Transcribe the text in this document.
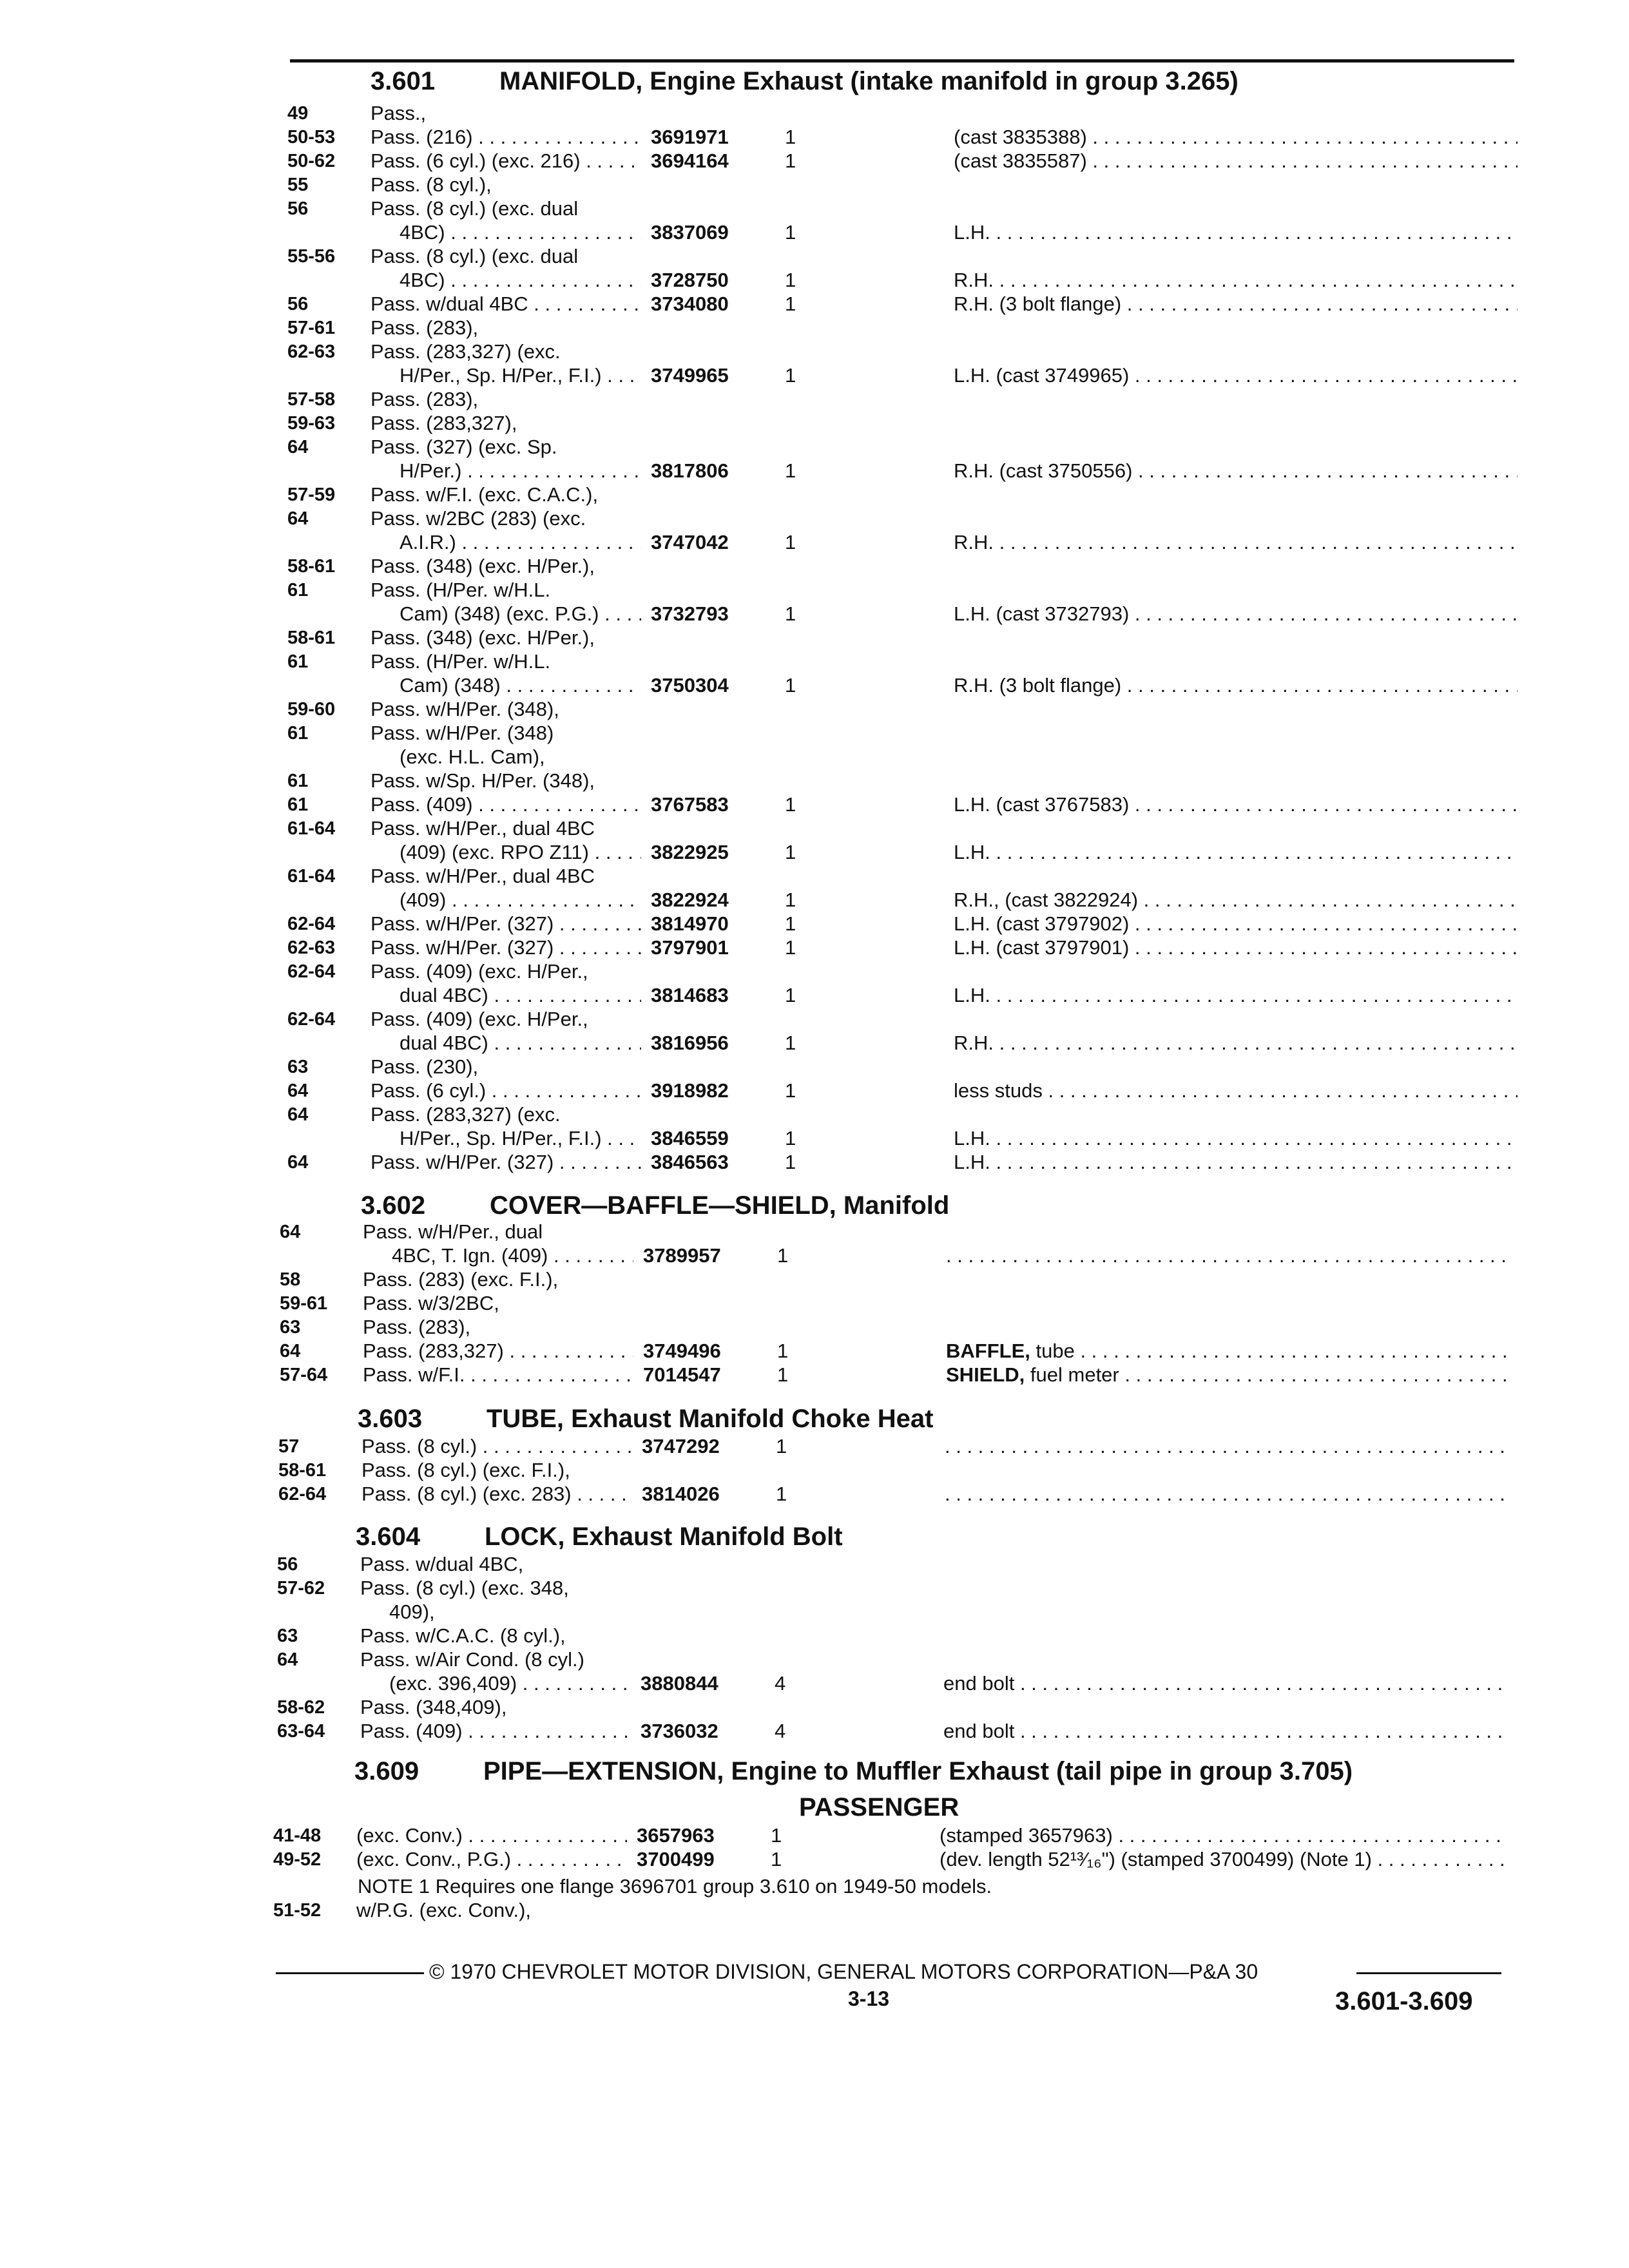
3.601 MANIFOLD, Engine Exhaust (intake manifold in group 3.265)
3.602 COVER—BAFFLE—SHIELD, Manifold
3.603 TUBE, Exhaust Manifold Choke Heat
3.604 LOCK, Exhaust Manifold Bolt
3.609 PIPE—EXTENSION, Engine to Muffler Exhaust (tail pipe in group 3.705)
PASSENGER
49	Pass.,
50-53 Pass. (216) . . .	3691971	1	(cast 3835388) . . .
50-62 Pass. (6 cyl.) (exc. 216) . . .	3694164	1	(cast 3835587) . . .
55	Pass. (8 cyl.),
56	Pass. (8 cyl.) (exc. dual
4BC) . . .	3837069	1	L.H. . . .
55-56 Pass. (8 cyl.) (exc. dual
4BC) . . .	3728750	1	R.H. . . .
56	Pass. w/dual 4BC . . .	3734080	1	R.H. (3 bolt flange) . . .
57-61 Pass. (283),
62-63 Pass. (283,327) (exc.
H/Per., Sp. H/Per., F.I.) . . .	3749965	1	L.H. (cast 3749965) . . .
57-58 Pass. (283),
59-63 Pass. (283,327),
64	Pass. (327) (exc. Sp.
H/Per.) . . .	3817806	1	R.H. (cast 3750556) . . .
57-59 Pass. w/F.I. (exc. C.A.C.),
64	Pass. w/2BC (283) (exc.
A.I.R.) . . .	3747042	1	R.H. . . .
58-61 Pass. (348) (exc. H/Per.),
61	Pass. (H/Per. w/H.L.
Cam) (348) (exc. P.G.) . . .	3732793	1	L.H. (cast 3732793) . . .
58-61 Pass. (348) (exc. H/Per.),
61	Pass. (H/Per. w/H.L.
Cam) (348) . . .	3750304	1	R.H. (3 bolt flange) . . .
59-60 Pass. w/H/Per. (348),
61	Pass. w/H/Per. (348)
(exc. H.L. Cam),
61	Pass. w/Sp. H/Per. (348),
61	Pass. (409) . . .	3767583	1	L.H. (cast 3767583) . . .
61-64 Pass. w/H/Per., dual 4BC
(409) (exc. RPO Z11) . . .	3822925	1	L.H. . . .
61-64 Pass. w/H/Per., dual 4BC
(409) . . .	3822924	1	R.H., (cast 3822924) . . .
62-64 Pass. w/H/Per. (327) . . .	3814970	1	L.H. (cast 3797902) . . .
62-63 Pass. w/H/Per. (327) . . .	3797901	1	L.H. (cast 3797901) . . .
62-64 Pass. (409) (exc. H/Per.,
dual 4BC) . . .	3814683	1	L.H. . . .
62-64 Pass. (409) (exc. H/Per.,
dual 4BC) . . .	3816956	1	R.H. . . .
63	Pass. (230),
64	Pass. (6 cyl.) . . .	3918982	1	less studs . . .
64	Pass. (283,327) (exc.
H/Per., Sp. H/Per., F.I.) . . .	3846559	1	L.H. . . .
64	Pass. w/H/Per. (327) . . .	3846563	1	L.H. . . .
64	Pass. w/H/Per., dual
4BC, T. Ign. (409) . . .	3789957	1
. . .
58	Pass. (283) (exc. F.I.),
59-61 Pass. w/3/2BC,
63	Pass. (283),
64	Pass. (283,327) . . .	3749496	1	BAFFLE, tube . . .
57-64 Pass. w/F.I. . . .	7014547	1	SHIELD, fuel meter . . .
57	Pass. (8 cyl.) . . .	3747292	1
. . .
58-61 Pass. (8 cyl.) (exc. F.I.),
62-64 Pass. (8 cyl.) (exc. 283) . . .	3814026	1
. . .
56	Pass. w/dual 4BC,
57-62 Pass. (8 cyl.) (exc. 348,
409),
63	Pass. w/C.A.C. (8 cyl.),
64	Pass. w/Air Cond. (8 cyl.)
(exc. 396,409) . . .	3880844	4	end bolt . . .
58-62 Pass. (348,409),
63-64 Pass. (409) . . .	3736032	4	end bolt . . .
41-48 (exc. Conv.) . . .	3657963	1	(stamped 3657963) . . .
49-52 (exc. Conv., P.G.) . . .	3700499	1	(dev. length 52¹³⁄₁₆") (stamped 3700499) (Note 1) . . .
51-52 w/P.G. (exc. Conv.),
NOTE 1 Requires one flange 3696701 group 3.610 on 1949-50 models.
© 1970 CHEVROLET MOTOR DIVISION, GENERAL MOTORS CORPORATION—P&A 30
3-13	3.601-3.609
